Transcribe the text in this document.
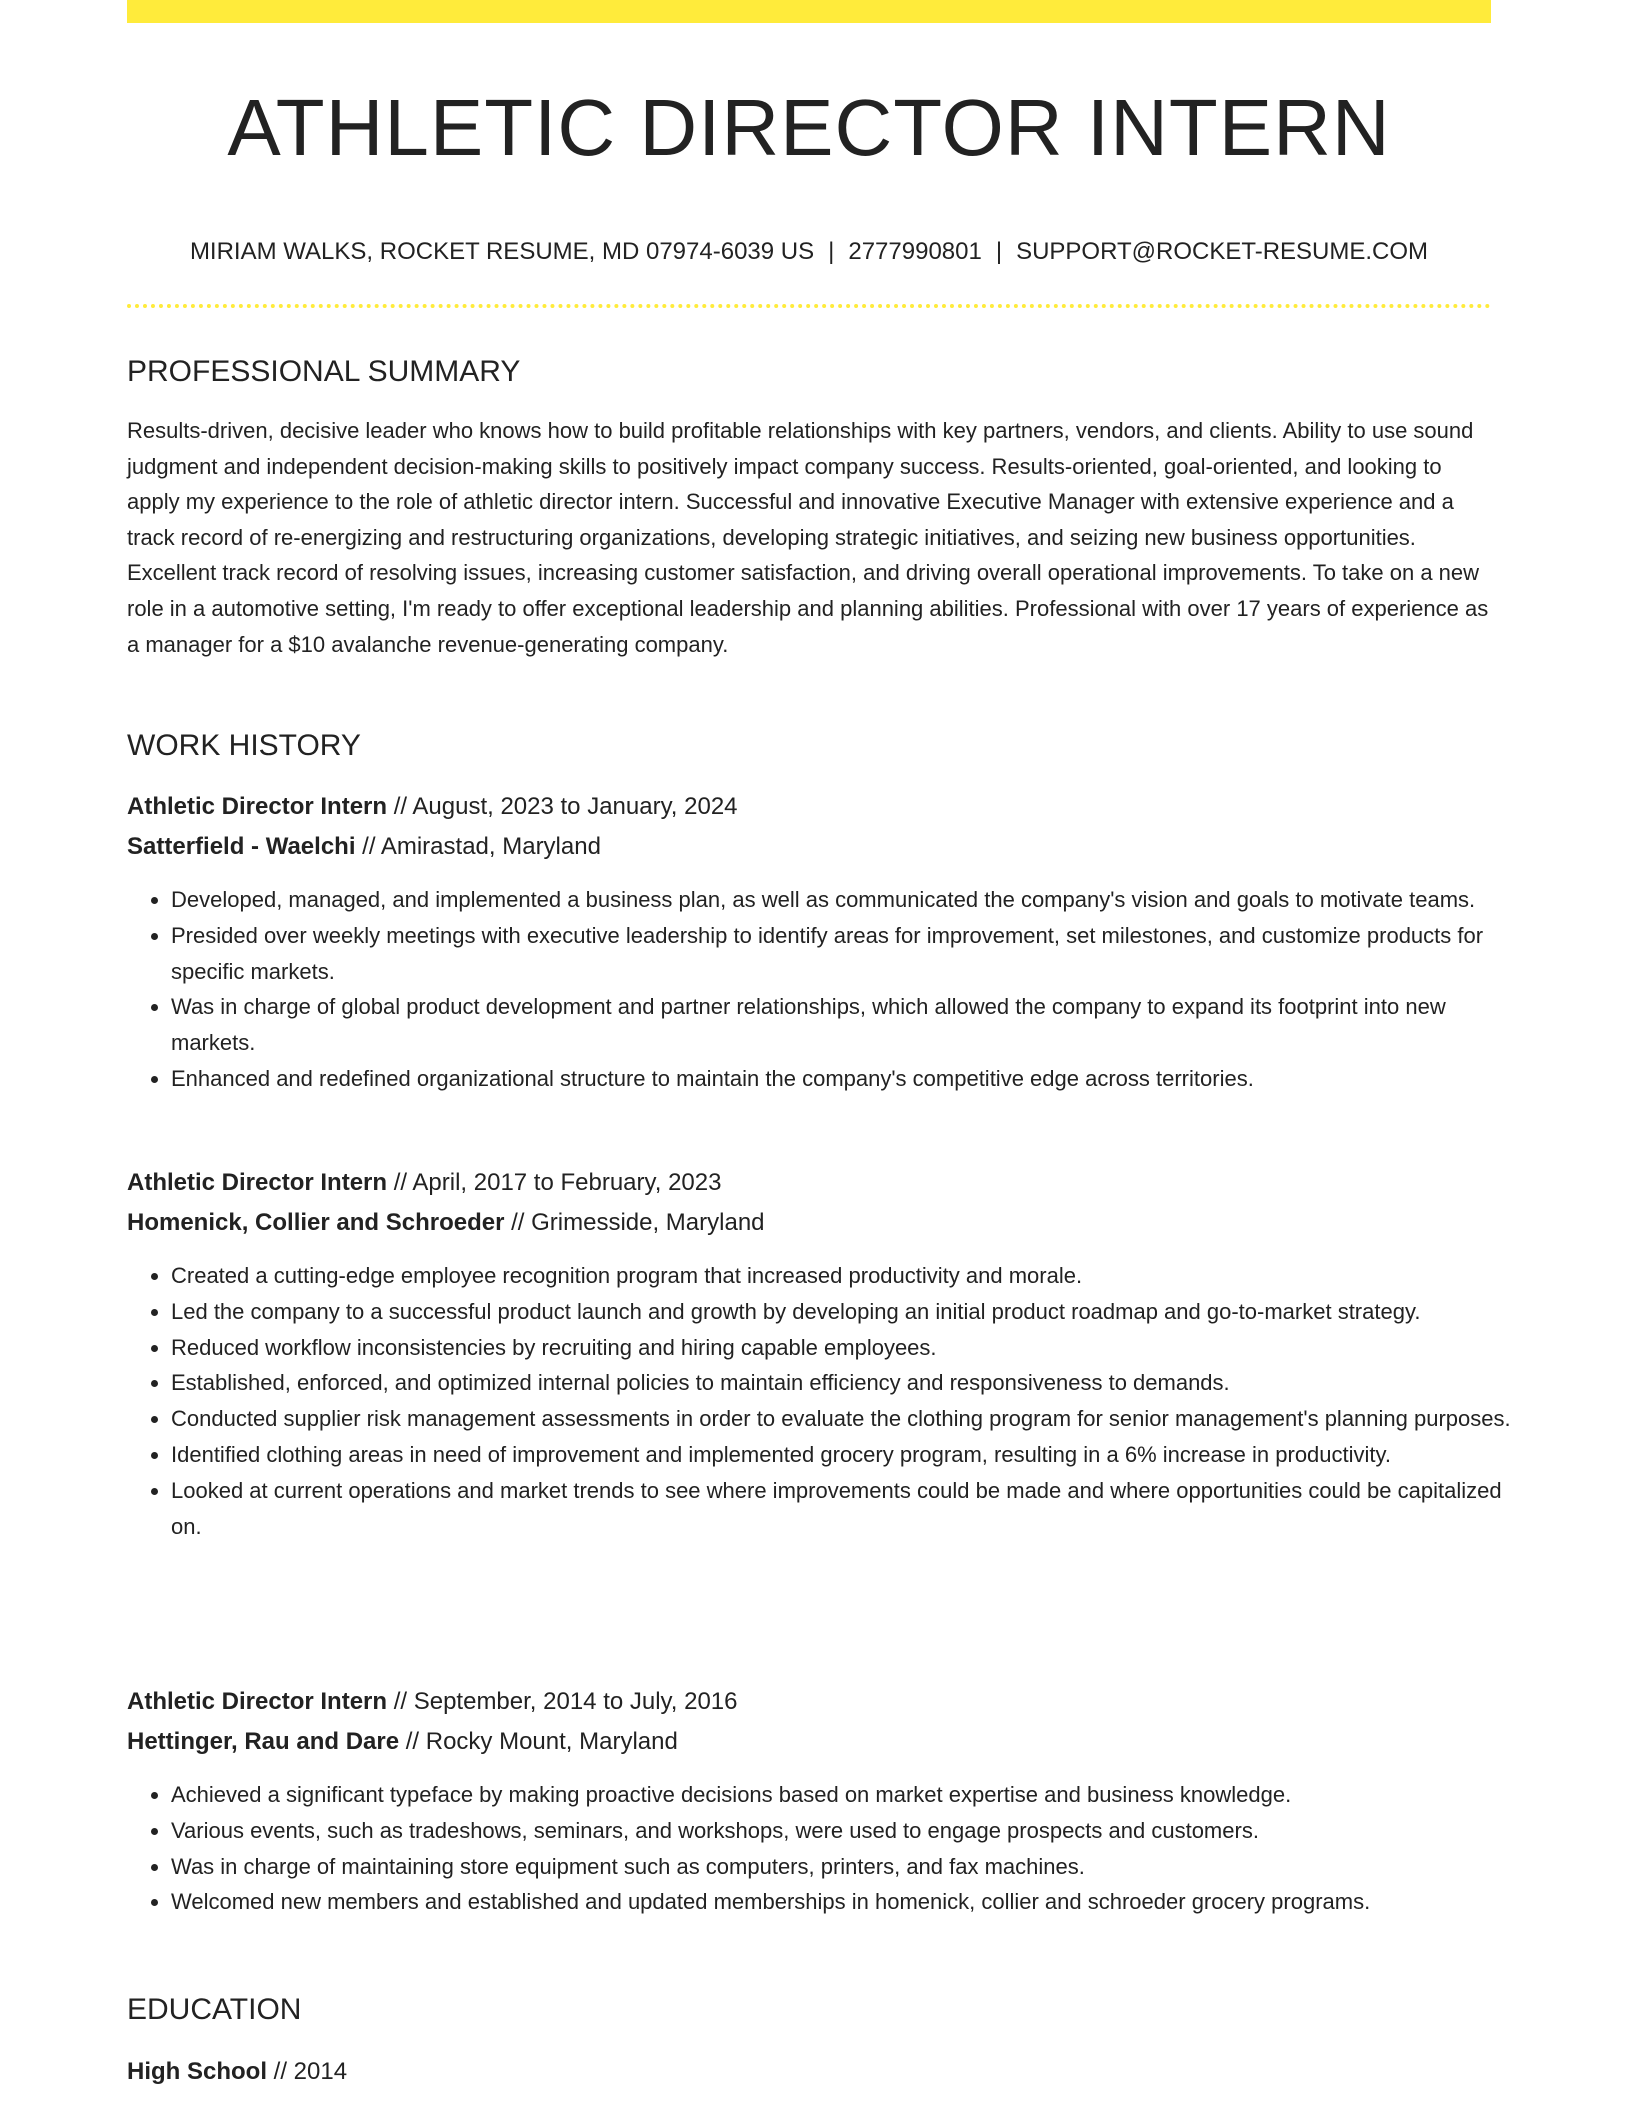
ATHLETIC DIRECTOR INTERN
MIRIAM WALKS, ROCKET RESUME, MD 07974-6039 US | 2777990801 | SUPPORT@ROCKET-RESUME.COM
PROFESSIONAL SUMMARY

Results-driven, decisive leader who knows how to build profitable relationships with key partners, vendors, and clients. Ability to use sound judgment and independent decision-making skills to positively impact company success. Results-oriented, goal-oriented, and looking to apply my experience to the role of athletic director intern. Successful and innovative Executive Manager with extensive experience and a track record of re-energizing and restructuring organizations, developing strategic initiatives, and seizing new business opportunities. Excellent track record of resolving issues, increasing customer satisfaction, and driving overall operational improvements. To take on a new role in a automotive setting, I'm ready to offer exceptional leadership and planning abilities. Professional with over 17 years of experience as a manager for a $10 avalanche revenue-generating company.

WORK HISTORY
Athletic Director Intern // August, 2023 to January, 2024
Satterfield - Waelchi // Amirastad, Maryland
• Developed, managed, and implemented a business plan, as well as communicated the company's vision and goals to motivate teams.
• Presided over weekly meetings with executive leadership to identify areas for improvement, set milestones, and customize products for specific markets.
• Was in charge of global product development and partner relationships, which allowed the company to expand its footprint into new markets.
• Enhanced and redefined organizational structure to maintain the company's competitive edge across territories.
Athletic Director Intern // April, 2017 to February, 2023
Homenick, Collier and Schroeder // Grimesside, Maryland
• Created a cutting-edge employee recognition program that increased productivity and morale.
• Led the company to a successful product launch and growth by developing an initial product roadmap and go-to-market strategy.
• Reduced workflow inconsistencies by recruiting and hiring capable employees.
• Established, enforced, and optimized internal policies to maintain efficiency and responsiveness to demands.
• Conducted supplier risk management assessments in order to evaluate the clothing program for senior management's planning purposes.
• Identified clothing areas in need of improvement and implemented grocery program, resulting in a 6% increase in productivity.
• Looked at current operations and market trends to see where improvements could be made and where opportunities could be capitalized on.
Athletic Director Intern // September, 2014 to July, 2016
Hettinger, Rau and Dare // Rocky Mount, Maryland
• Achieved a significant typeface by making proactive decisions based on market expertise and business knowledge.
• Various events, such as tradeshows, seminars, and workshops, were used to engage prospects and customers.
• Was in charge of maintaining store equipment such as computers, printers, and fax machines.
• Welcomed new members and established and updated memberships in homenick, collier and schroeder grocery programs.
EDUCATION
High School // 2014
